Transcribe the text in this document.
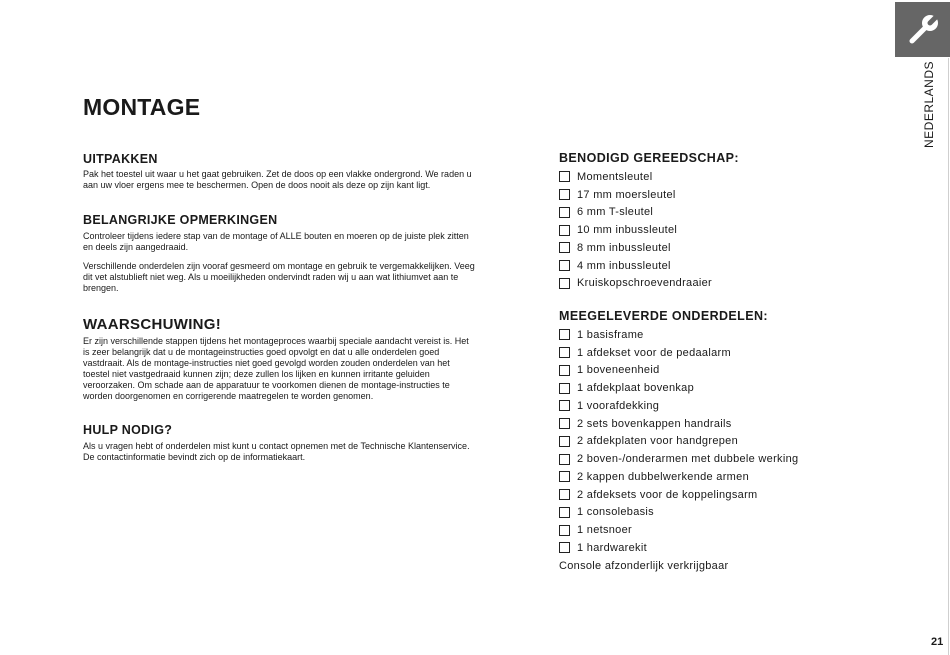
NEDERLANDS
MONTAGE
UITPAKKEN

Pak het toestel uit waar u het gaat gebruiken. Zet de doos op een vlakke ondergrond. We raden u aan uw vloer ergens mee te beschermen. Open de doos nooit als deze op zijn kant ligt.

BELANGRIJKE OPMERKINGEN

Controleer tijdens iedere stap van de montage of ALLE bouten en moeren op de juiste plek zitten en deels zijn aangedraaid.

Verschillende onderdelen zijn vooraf gesmeerd om montage en gebruik te vergemakkelijken. Veeg dit vet alstublieft niet weg. Als u moeilijkheden ondervindt raden wij u aan wat lithiumvet aan te brengen.

WAARSCHUWING!

Er zijn verschillende stappen tijdens het montageproces waarbij speciale aandacht vereist is. Het is zeer belangrijk dat u de montageinstructies goed opvolgt en dat u alle onderdelen goed vastdraait. Als de montage-instructies niet goed gevolgd worden zouden onderdelen van het toestel niet vastgedraaid kunnen zijn; deze zullen los lijken en kunnen irritante geluiden veroorzaken. Om schade aan de apparatuur te voorkomen dienen de montage-instructies te worden doorgenomen en corrigerende maatregelen te worden genomen.

HULP NODIG?

Als u vragen hebt of onderdelen mist kunt u contact opnemen met de Technische Klantenservice. De contactinformatie bevindt zich op de informatiekaart.

BENODIGD GEREEDSCHAP:
Momentsleutel
17 mm moersleutel
6 mm T-sleutel
10 mm inbussleutel
8 mm inbussleutel
4 mm inbussleutel
Kruiskopschroevendraaier
MEEGELEVERDE ONDERDELEN:
1 basisframe
1 afdekset voor de pedaalarm
1 boveneenheid
1 afdekplaat bovenkap
1 voorafdekking
2 sets bovenkappen handrails
2 afdekplaten voor handgrepen
2 boven-/onderarmen met dubbele werking
2 kappen dubbelwerkende armen
2 afdeksets voor de koppelingsarm
1 consolebasis
1 netsnoer
1 hardwarekit
Console afzonderlijk verkrijgbaar
21
